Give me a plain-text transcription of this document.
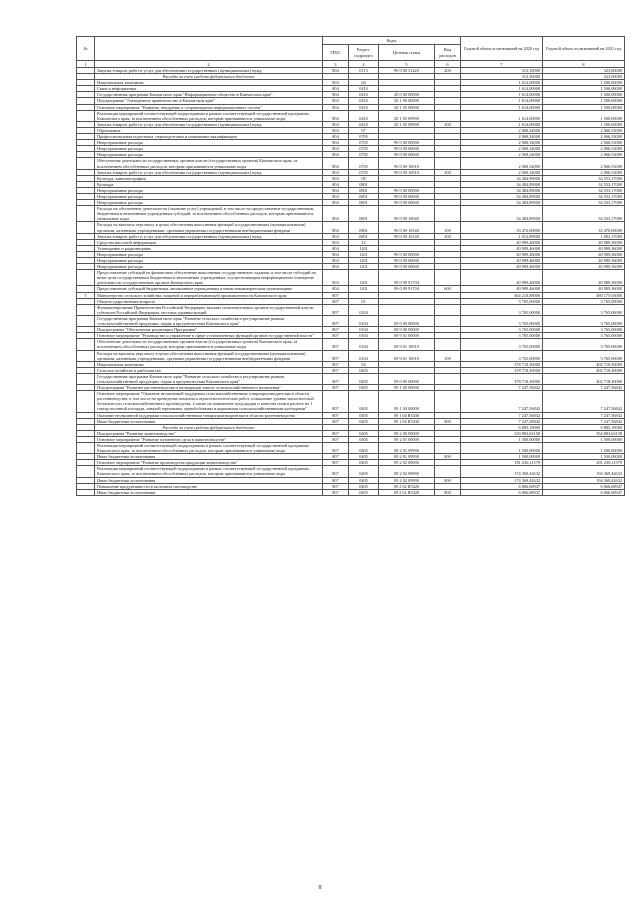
№		Коды				Годовой объем ассигнований на 2020 год	Годовой объем ассигнований на 2021 год
		ГРБС	Раздел, подраздел	Целевая статья	Вид расходов		
1	2	3	4	5	6	7	8
	Закупка товаров, работ и услуг для обеспечения государственных (муниципальных) нужд	804	0113	99 0 00 51420	200	313,30000	323,60000
	Расходы за счет средств федерального бюджета					313,30000	323,60000
	Национальная экономика	804	04			1 614,00000	1 500,00000
	Связь и информатика	804	0410			1 614,00000	1 500,00000
	Государственная программа Камчатского края "Информационное общество в Камчатском крае"	804	0410	20 0 00 00000		1 614,00000	1 500,00000
	Подпрограмма "Электронное правительство в Камчатском крае"	804	0410	20 1 00 00000		1 614,00000	1 500,00000
	Основное мероприятие "Развитие, внедрение и сопровождение информационных систем"	804	0410	20 1 05 00000		1 614,00000	1 500,00000
	Реализация мероприятий соответствующей подпрограммы в рамках соответствующей государственной программы Камчатского края, за исключением обособленных расходов, которым присваиваются уникальные коды	804	0410	20 1 05 09990		1 614,00000	1 500,00000
	Закупка товаров, работ и услуг для обеспечения государственных (муниципальных) нужд	804	0410	20 1 05 09990	200	1 614,00000	1 500,00000
	Образование	804	07			2 068,34000	2 066,53000
	Профессиональная подготовка, переподготовка и повышение квалификации	804	0705			2 068,34000	2 066,53000
	Непрограммные расходы	804	0705	99 0 00 00000		2 068,34000	2 066,53000
	Непрограммные расходы	804	0705	99 0 09 00000		2 068,34000	2 066,53000
	Непрограммные расходы	804	0705	99 0 09 00000		2 068,34000	2 066,53000
	Обеспечение деятельности государственных органов власти (государственных органов) Камчатского края, за исключением обособленных расходов, которым присваиваются уникальные коды	804	0705	99 0 09 10010		2 068,34000	2 066,53000
	Закупка товаров, работ и услуг для обеспечения государственных (муниципальных) нужд	804	0705	99 0 09 10010	200	2 068,34000	2 066,53000
	Культура, кинематография	804	08			34 484,89000	34 553,17000
	Культура	804	0801			34 484,89000	34 553,17000
	Непрограммные расходы	804	0801	99 0 00 00000		34 484,89000	34 553,17000
	Непрограммные расходы	804	0801	99 0 09 00000		34 484,89000	34 553,17000
	Непрограммные расходы	804	0801	99 0 09 00000		34 484,89000	34 553,17000
	Расходы на обеспечение деятельности (оказание услуг) учреждений, в том числе на предоставление государственным бюджетным и автономным учреждениям субсидий, за исключением обособленных расходов, которым присваиваются уникальные коды	804	0801	99 0 09 10040		34 484,89000	34 553,17000
	Расходы на выплаты персоналу в целях обеспечения выполнения функций государственными (муниципальными) органами, казенными учреждениями, органами управления государственными внебюджетными фондами	804	0801	99 0 09 10140	100	33 472,00000	33 470,00000
	Закупка товаров, работ и услуг для обеспечения государственных (муниципальных) нужд	804	0801	99 0 09 10140	200	1 012,89000	1 083,17000
	Средства массовой информации	804	12			40 989,46000	40 989,36000
	Телевидение и радиовещание	804	1201			40 989,46000	40 989,36000
	Непрограммные расходы	804	1201	99 0 00 00000		40 989,46000	40 989,36000
	Непрограммные расходы	804	1201	99 0 09 00000		40 989,46000	40 989,36000
	Непрограммные расходы	804	1201	99 0 09 00000		40 989,46000	40 989,36000
	Предоставление субсидий на финансовое обеспечение выполнения государственного задания, в том числе субсидий на иные цели государственным бюджетным и автономным учреждениям, осуществляющим информационное освещение деятельности государственных органов Камчатского края	804	1201	99 0 09 91704		40 989,46000	40 989,36000
	Предоставление субсидий бюджетным, автономным учреждениям и иным некоммерческим организациям	804	1201	99 0 09 91704	600	40 989,46000	40 989,36000
5	Министерство сельского хозяйства, пищевой и перерабатывающей промышленности Камчатского края	807				464 218,88000	480 175,03000
	Общегосударственные вопросы	807	01			3 765,00000	3 765,00000
	Функционирование Правительства Российской Федерации, высших исполнительных органов государственной власти субъектов Российской Федерации, местных администраций	807	0104			3 765,00000	3 765,00000
	Государственная программа Камчатского края "Развитие сельского хозяйства и регулирование рынков сельскохозяйственной продукции, сырья и продовольствия Камчатского края"	807	0104	09 0 00 00000		3 765,00000	3 765,00000
	Подпрограмма "Обеспечение реализации Программы"	807	0104	09 9 00 00000		3 765,00000	3 765,00000
	Основное мероприятие "Руководство и управление в сфере установленных функций органов государственной власти"	807	0104	09 9 01 00000		3 765,00000	3 765,00000
	Обеспечение деятельности государственных органов власти (государственных органов) Камчатского края, за исключением обособленных расходов, которым присваиваются уникальные коды	807	0104	09 9 01 10010		3 765,00000	3 765,00000
	Расходы на выплаты персоналу в целях обеспечения выполнения функций государственными (муниципальными) органами, казенными учреждениями, органами управления государственными внебюджетными фондами	807	0104	09 9 01 10010	100	3 765,00000	3 765,00000
	Национальная экономика	807	04			378 718,30000	402 718,30000
	Сельское хозяйство и рыболовство	807	0405			378 718,30000	402 718,30000
	Государственная программа Камчатского края "Развитие сельского хозяйства и регулирование рынков сельскохозяйственной продукции, сырья и продовольствия Камчатского края"	807	0405	09 0 00 00000		378 718,30000	402 718,30000
	Подпрограмма "Развитие растениеводства и мелиорации земель сельскохозяйственного назначения"	807	0405	09 1 00 00000		7 247,56842	7 247,56842
	Основное мероприятие "Оказание несвязанной поддержки сельскохозяйственным товаропроизводителям в области растениеводства, в том числе на проведение комплекса агротехнологических работ, повышение уровня экологической безопасности сельскохозяйственного производства, а также на повышение плодородия и качества почв в расчете на 1 гектар посевной площади, занятой зерновыми, зернобобовыми и кормовыми сельскохозяйственными культурами"	807	0405	09 1 04 00000		7 247,56842	7 247,56842
	Оказание несвязанной поддержки сельскохозяйственным товаропроизводителям в области растениеводства	807	0405	09 1 04 R5430		7 247,56842	7 247,56842
	Иные бюджетные ассигнования	807	0405	09 1 04 R5430	800	7 247,56842	7 247,56842
	Расходы за счет средств федерального бюджета					6 885,19000	6 885,19000
	Подпрограмма "Развитие животноводства"	807	0405	09 2 00 00000		329 883,63158	354 883,63158
	Основное мероприятие "Развитие племенного дела в животноводстве"	807	0405	09 2 01 00000		1 500,00000	1 500,00000
	Реализация мероприятий соответствующей подпрограммы в рамках соответствующей государственной программы Камчатского края, за исключением обособленных расходов, которым присваиваются уникальные коды	807	0405	09 2 01 09990		1 500,00000	1 500,00000
	Иные бюджетные ассигнования	807	0405	09 2 01 09990	800	1 500,00000	1 500,00000
	Основное мероприятие "Развитие производства продукции животноводства"	807	0405	09 2 02 00000		181 236,11579	201 236,11579
	Реализация мероприятий соответствующей подпрограммы в рамках соответствующей государственной программы Камчатского края, за исключением обособленных расходов, которым присваиваются уникальные коды	807	0405	09 2 02 09990		174 369,42632	194 369,42632
	Иные бюджетные ассигнования	807	0405	09 2 02 09990	800	174 369,42632	194 369,42632
	Повышение продуктивности в молочном скотоводстве	807	0405	09 2 02 R5420		6 866,68947	6 866,68947
	Иные бюджетные ассигнования	807	0405	09 2 02 R5420	800	6 866,68947	6 866,68947
8
